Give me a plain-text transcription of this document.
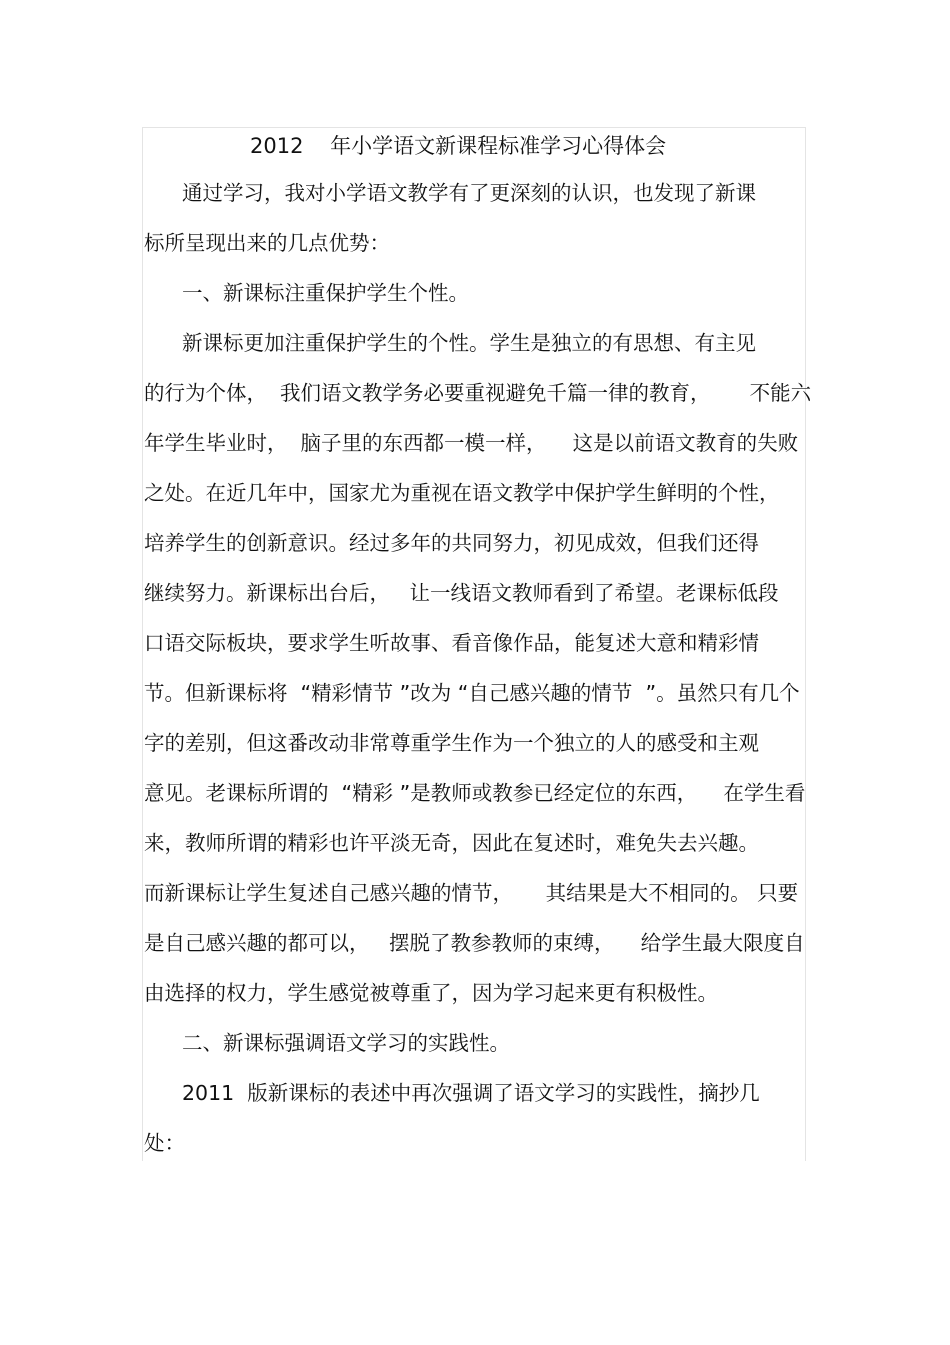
2012    年小学语文新课程标准学习心得体会
通过学习，我对小学语文教学有了更深刻的认识，也发现了新课
标所呈现出来的几点优势：
一、新课标注重保护学生个性。
新课标更加注重保护学生的个性。学生是独立的有思想、有主见
的行为个体，  我们语文教学务必要重视避免千篇一律的教育，      不能六
年学生毕业时，  脑子里的东西都一模一样，    这是以前语文教育的失败
之处。在近几年中，国家尤为重视在语文教学中保护学生鲜明的个性，
培养学生的创新意识。经过多年的共同努力，初见成效，但我们还得
继续努力。新课标出台后，   让一线语文教师看到了希望。老课标低段
口语交际板块，要求学生听故事、看音像作品，能复述大意和精彩情
节。但新课标将  “精彩情节 ”改为 “自己感兴趣的情节  ”。虽然只有几个
字的差别，但这番改动非常尊重学生作为一个独立的人的感受和主观
意见。老课标所谓的  “精彩 ”是教师或教参已经定位的东西，    在学生看
来，教师所谓的精彩也许平淡无奇，因此在复述时，难免失去兴趣。
而新课标让学生复述自己感兴趣的情节，     其结果是大不相同的。 只要
是自己感兴趣的都可以，   摆脱了教参教师的束缚，    给学生最大限度自
由选择的权力，学生感觉被尊重了，因为学习起来更有积极性。
二、新课标强调语文学习的实践性。
2011  版新课标的表述中再次强调了语文学习的实践性，摘抄几
处：
